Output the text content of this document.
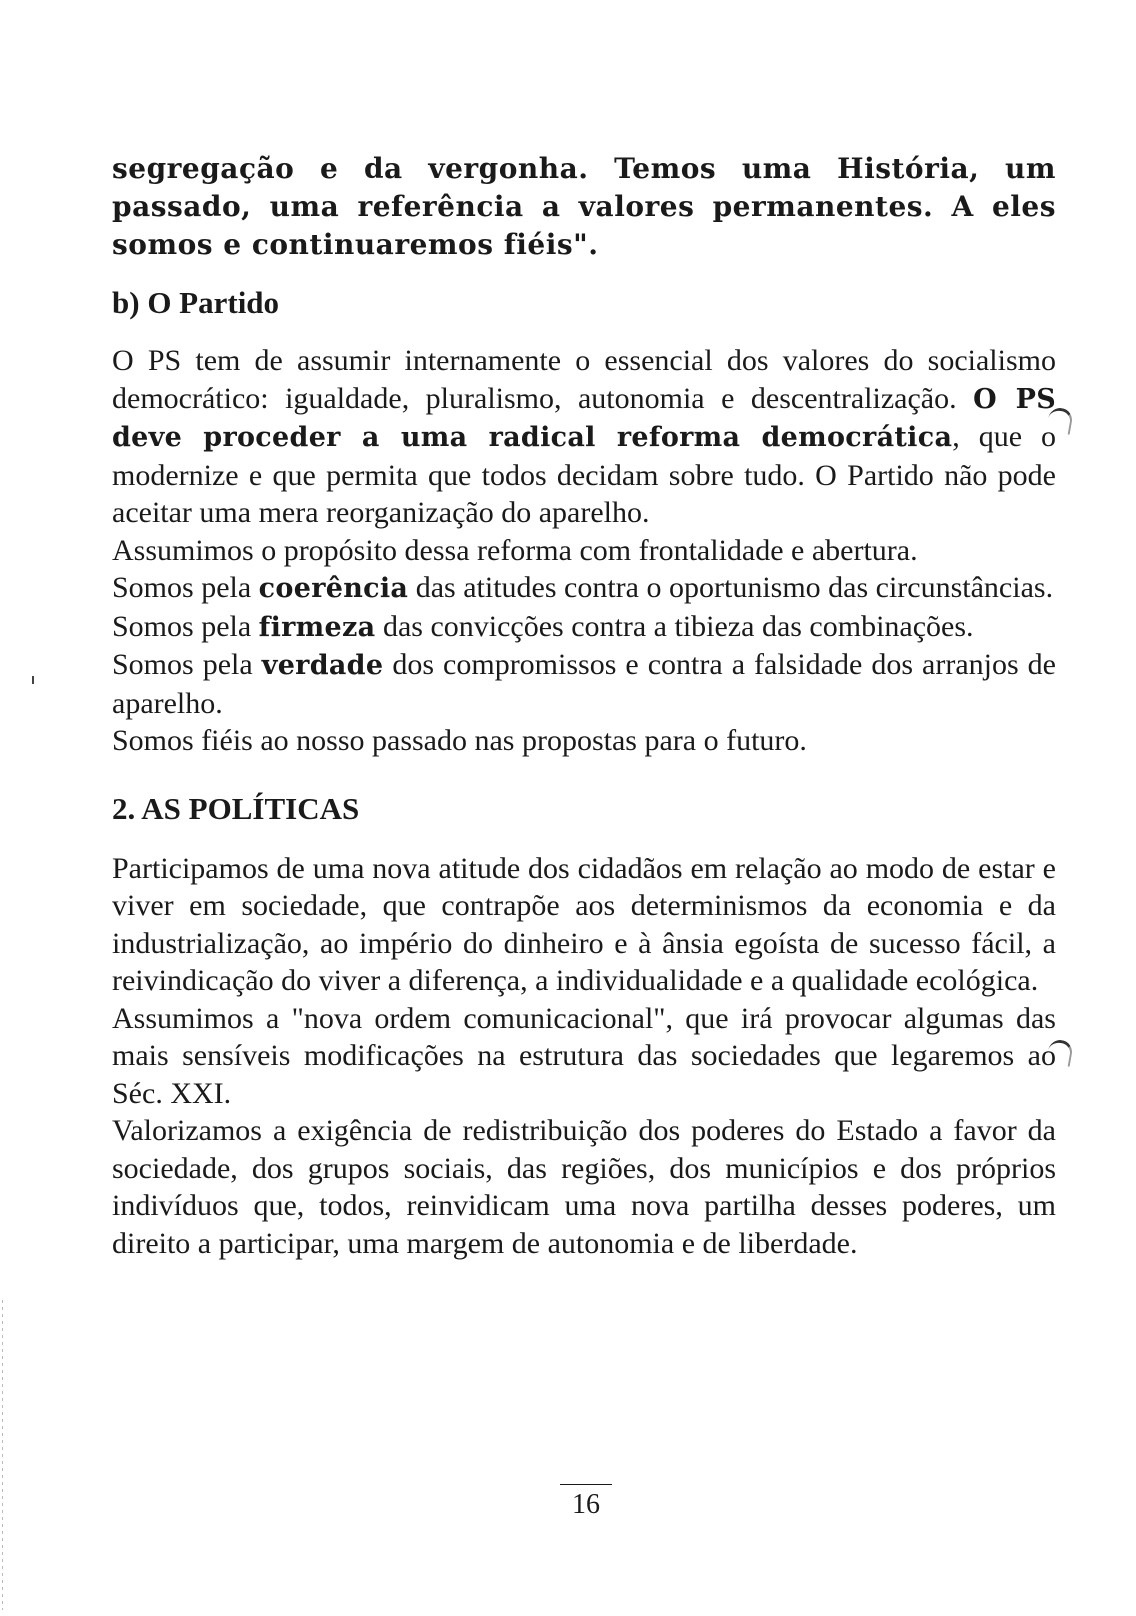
segregação e da vergonha. Temos uma História, um passado, uma referência a valores permanentes. A eles somos e continuaremos fiéis".

b) O Partido

O PS tem de assumir internamente o essencial dos valores do socialismo democrático: igualdade, pluralismo, autonomia e descentralização. O PS deve proceder a uma radical reforma democrática, que o modernize e que permita que todos decidam sobre tudo. O Partido não pode aceitar uma mera reorganização do aparelho.

Assumimos o propósito dessa reforma com frontalidade e abertura.

Somos pela coerência das atitudes contra o oportunismo das circunstâncias.

Somos pela firmeza das convicções contra a tibieza das combinações.

Somos pela verdade dos compromissos e contra a falsidade dos arranjos de aparelho.

Somos fiéis ao nosso passado nas propostas para o futuro.

2. AS POLÍTICAS

Participamos de uma nova atitude dos cidadãos em relação ao modo de estar e viver em sociedade, que contrapõe aos determinismos da economia e da industrialização, ao império do dinheiro e à ânsia egoísta de sucesso fácil, a reivindicação do viver a diferença, a individualidade e a qualidade ecológica.

Assumimos a "nova ordem comunicacional", que irá provocar algumas das mais sensíveis modificações na estrutura das sociedades que legaremos ao Séc. XXI.

Valorizamos a exigência de redistribuição dos poderes do Estado a favor da sociedade, dos grupos sociais, das regiões, dos municípios e dos próprios indivíduos que, todos, reinvidicam uma nova partilha desses poderes, um direito a participar, uma margem de autonomia e de liberdade.

16
